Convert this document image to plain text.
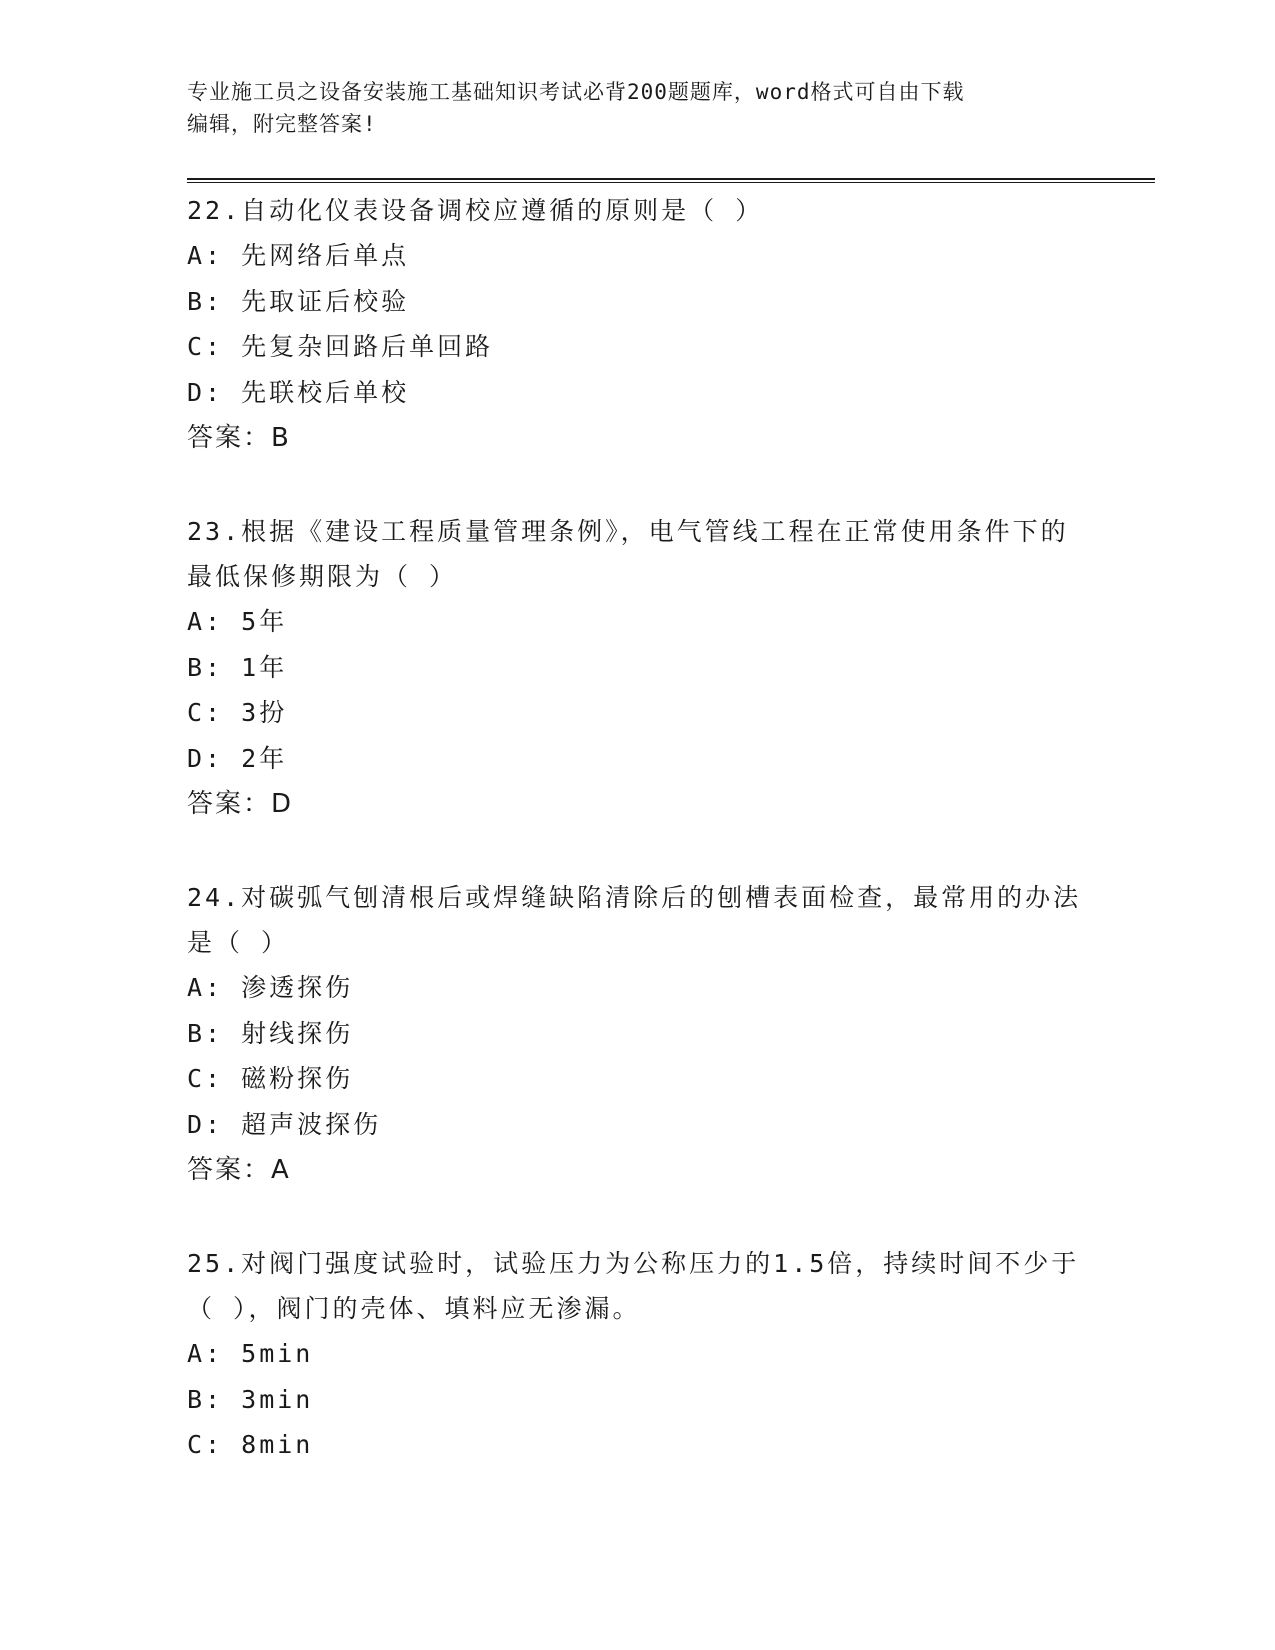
专业施工员之设备安装施工基础知识考试必背200题题库，word格式可自由下载
编辑，附完整答案!
22.自动化仪表设备调校应遵循的原则是（ ）
A: 先网络后单点
B: 先取证后校验
C: 先复杂回路后单回路
D: 先联校后单校
答案：B
23.根据《建设工程质量管理条例》，电气管线工程在正常使用条件下的最低保修期限为（ ）
A: 5年
B: 1年
C: 3扮
D: 2年
答案：D
24.对碳弧气刨清根后或焊缝缺陷清除后的刨槽表面检查，最常用的办法是（ ）
A: 渗透探伤
B: 射线探伤
C: 磁粉探伤
D: 超声波探伤
答案：A
25.对阀门强度试验时，试验压力为公称压力的1.5倍，持续时间不少于（ ），阀门的壳体、填料应无渗漏。
A: 5min
B: 3min
C: 8min
